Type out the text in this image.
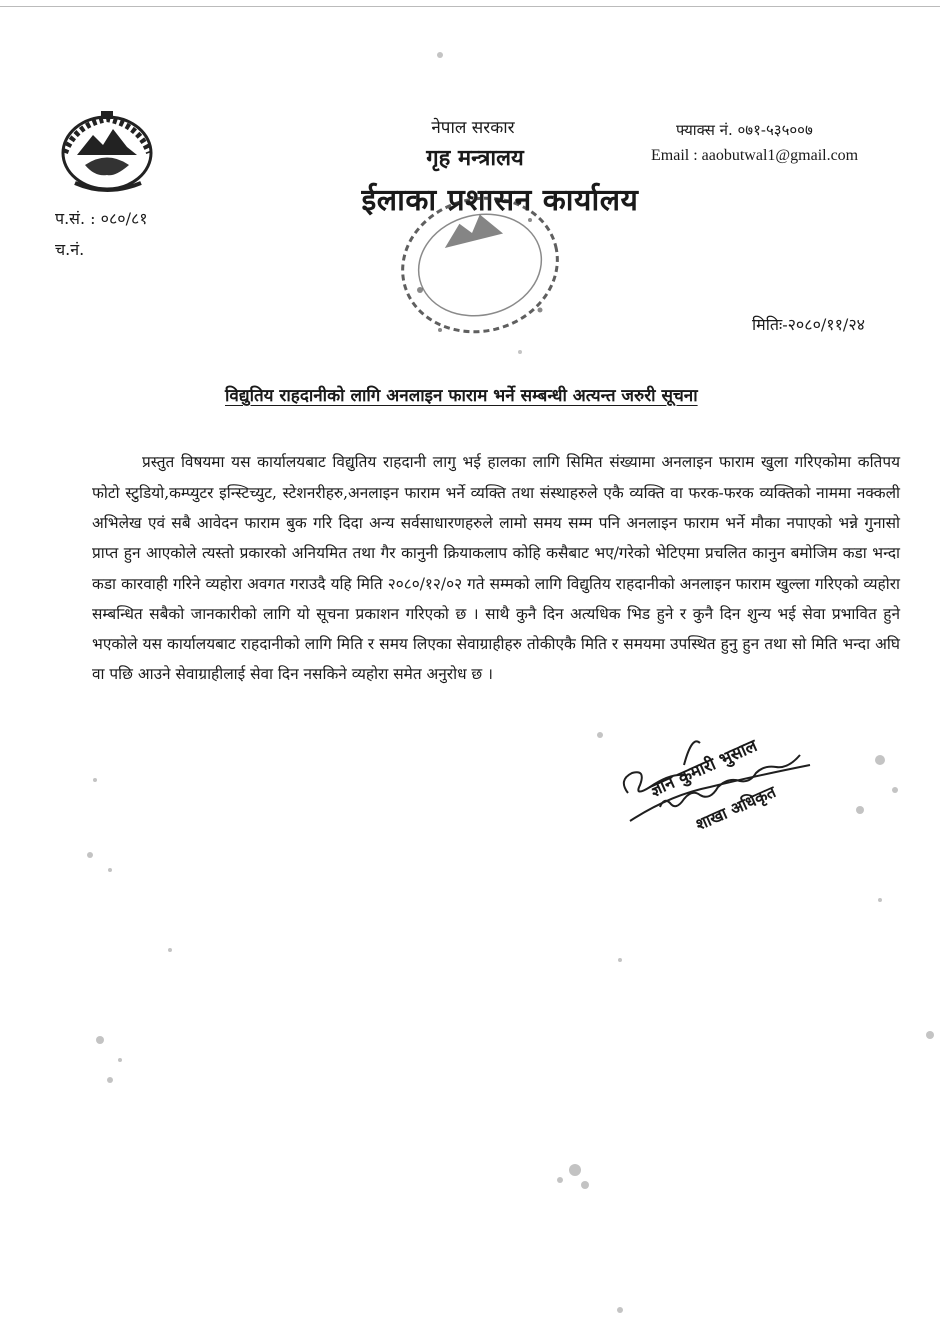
प.सं. : ०८०/८१
च.नं.
नेपाल सरकार
गृह मन्त्रालय
ईलाका प्रशासन कार्यालय
फ्याक्स नं. ०७१-५३५००७
Email : aaobutwal1@gmail.com
मितिः-२०८०/११/२४
विद्युतिय राहदानीको लागि अनलाइन फाराम भर्ने सम्बन्धी अत्यन्त जरुरी सूचना

प्रस्तुत विषयमा यस कार्यालयबाट विद्युतिय राहदानी लागु भई हालका लागि सिमित संख्यामा अनलाइन फाराम खुला गरिएकोमा कतिपय फोटो स्टुडियो,कम्प्युटर इन्स्टिच्युट, स्टेशनरीहरु,अनलाइन फाराम भर्ने व्यक्ति तथा संस्थाहरुले एकै व्यक्ति वा फरक-फरक व्यक्तिको नाममा नक्कली अभिलेख एवं सबै आवेदन फाराम बुक गरि दिदा अन्य सर्वसाधारणहरुले लामो समय सम्म पनि अनलाइन फाराम भर्ने मौका नपाएको भन्ने गुनासो प्राप्त हुन आएकोले त्यस्तो प्रकारको अनियमित तथा गैर कानुनी क्रियाकलाप कोहि कसैबाट भए/गरेको भेटिएमा प्रचलित कानुन बमोजिम कडा भन्दा कडा कारवाही गरिने व्यहोरा अवगत गराउदै यहि मिति २०८०/१२/०२ गते सम्मको लागि विद्युतिय राहदानीको अनलाइन फाराम खुल्ला गरिएको व्यहोरा सम्बन्धित सबैको जानकारीको लागि यो सूचना प्रकाशन गरिएको छ । साथै कुनै दिन अत्यधिक भिड हुने र कुनै दिन शुन्य भई सेवा प्रभावित हुने भएकोले यस कार्यालयबाट राहदानीको लागि मिति र समय लिएका सेवाग्राहीहरु तोकीएकै मिति र समयमा उपस्थित हुनु हुन तथा सो मिति भन्दा अघि वा पछि आउने सेवाग्राहीलाई सेवा दिन नसकिने व्यहोरा समेत अनुरोध छ ।

ज्ञान कुमारी भुसाल
शाखा अधिकृत
